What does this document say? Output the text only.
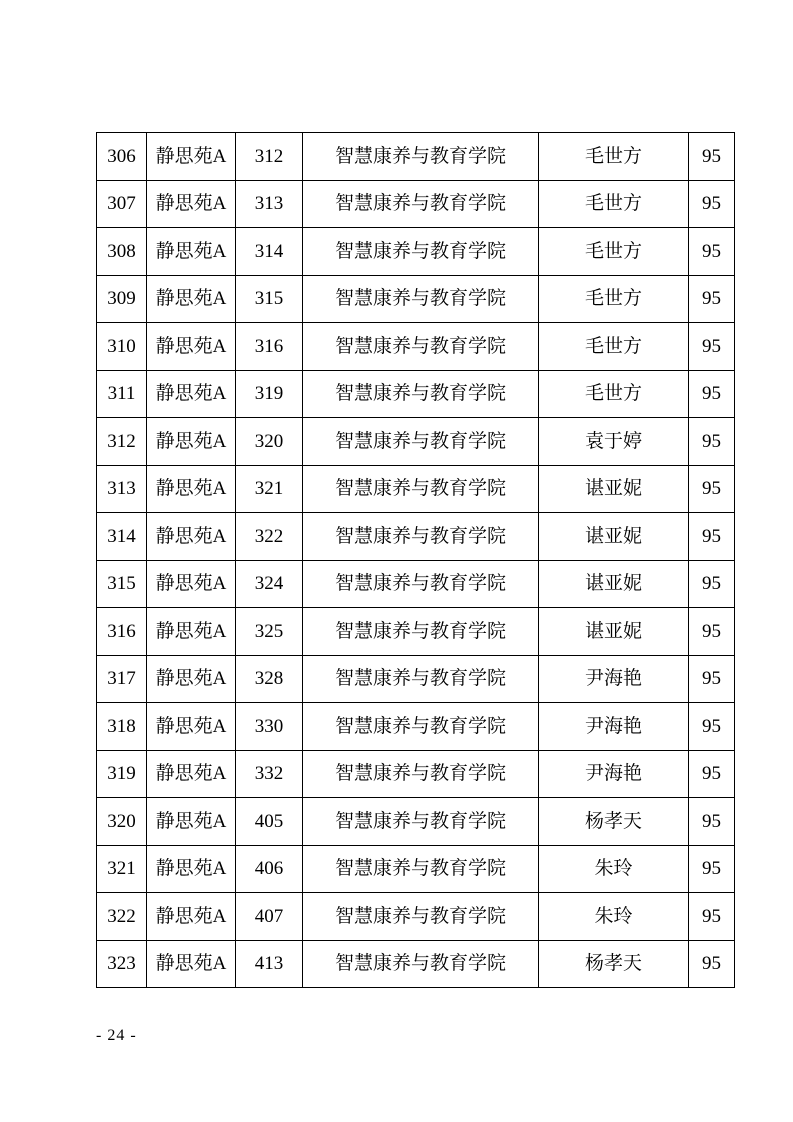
306	静思苑A	312	智慧康养与教育学院	毛世方	95
307	静思苑A	313	智慧康养与教育学院	毛世方	95
308	静思苑A	314	智慧康养与教育学院	毛世方	95
309	静思苑A	315	智慧康养与教育学院	毛世方	95
310	静思苑A	316	智慧康养与教育学院	毛世方	95
311	静思苑A	319	智慧康养与教育学院	毛世方	95
312	静思苑A	320	智慧康养与教育学院	袁于婷	95
313	静思苑A	321	智慧康养与教育学院	谌亚妮	95
314	静思苑A	322	智慧康养与教育学院	谌亚妮	95
315	静思苑A	324	智慧康养与教育学院	谌亚妮	95
316	静思苑A	325	智慧康养与教育学院	谌亚妮	95
317	静思苑A	328	智慧康养与教育学院	尹海艳	95
318	静思苑A	330	智慧康养与教育学院	尹海艳	95
319	静思苑A	332	智慧康养与教育学院	尹海艳	95
320	静思苑A	405	智慧康养与教育学院	杨孝天	95
321	静思苑A	406	智慧康养与教育学院	朱玲	95
322	静思苑A	407	智慧康养与教育学院	朱玲	95
323	静思苑A	413	智慧康养与教育学院	杨孝天	95
- 24 -
